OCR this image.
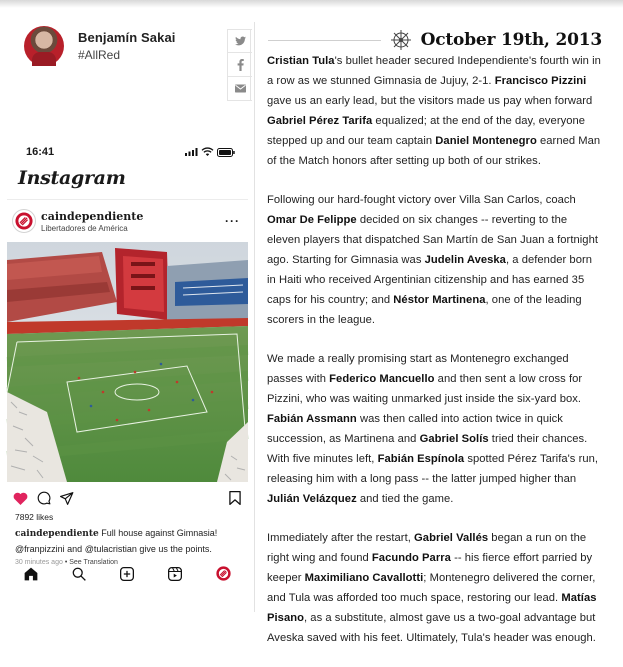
Benjamín Sakai
#AllRed
16:41
Instagram
caindependiente
Libertadores de América	···
7892 likes
caindependiente Full house against Gimnasia!
@franpizzini and @tulacristian give us the points.
30 minutes ago • See Translation
October 19th, 2013

Cristian Tula's bullet header secured Independiente's fourth win in a row as we stunned Gimnasia de Jujuy, 2-1. Francisco Pizzini gave us an early lead, but the visitors made us pay when forward Gabriel Pérez Tarifa equalized; at the end of the day, everyone stepped up and our team captain Daniel Montenegro earned Man of the Match honors after setting up both of our strikes.

Following our hard-fought victory over Villa San Carlos, coach Omar De Felippe decided on six changes -- reverting to the eleven players that dispatched San Martín de San Juan a fortnight ago. Starting for Gimnasia was Judelin Aveska, a defender born in Haiti who received Argentinian citizenship and has earned 35 caps for his country; and Néstor Martinena, one of the leading scorers in the league.

We made a really promising start as Montenegro exchanged passes with Federico Mancuello and then sent a low cross for Pizzini, who was waiting unmarked just inside the six-yard box. Fabián Assmann was then called into action twice in quick succession, as Martinena and Gabriel Solís tried their chances. With five minutes left, Fabián Espínola spotted Pérez Tarifa's run, releasing him with a long pass -- the latter jumped higher than Julián Velázquez and tied the game.

Immediately after the restart, Gabriel Vallés began a run on the right wing and found Facundo Parra -- his fierce effort parried by keeper Maximiliano Cavallotti; Montenegro delivered the corner, and Tula was afforded too much space, restoring our lead. Matías Pisano, as a substitute, almost gave us a two-goal advantage but Aveska saved with his feet. Ultimately, Tula's header was enough.
